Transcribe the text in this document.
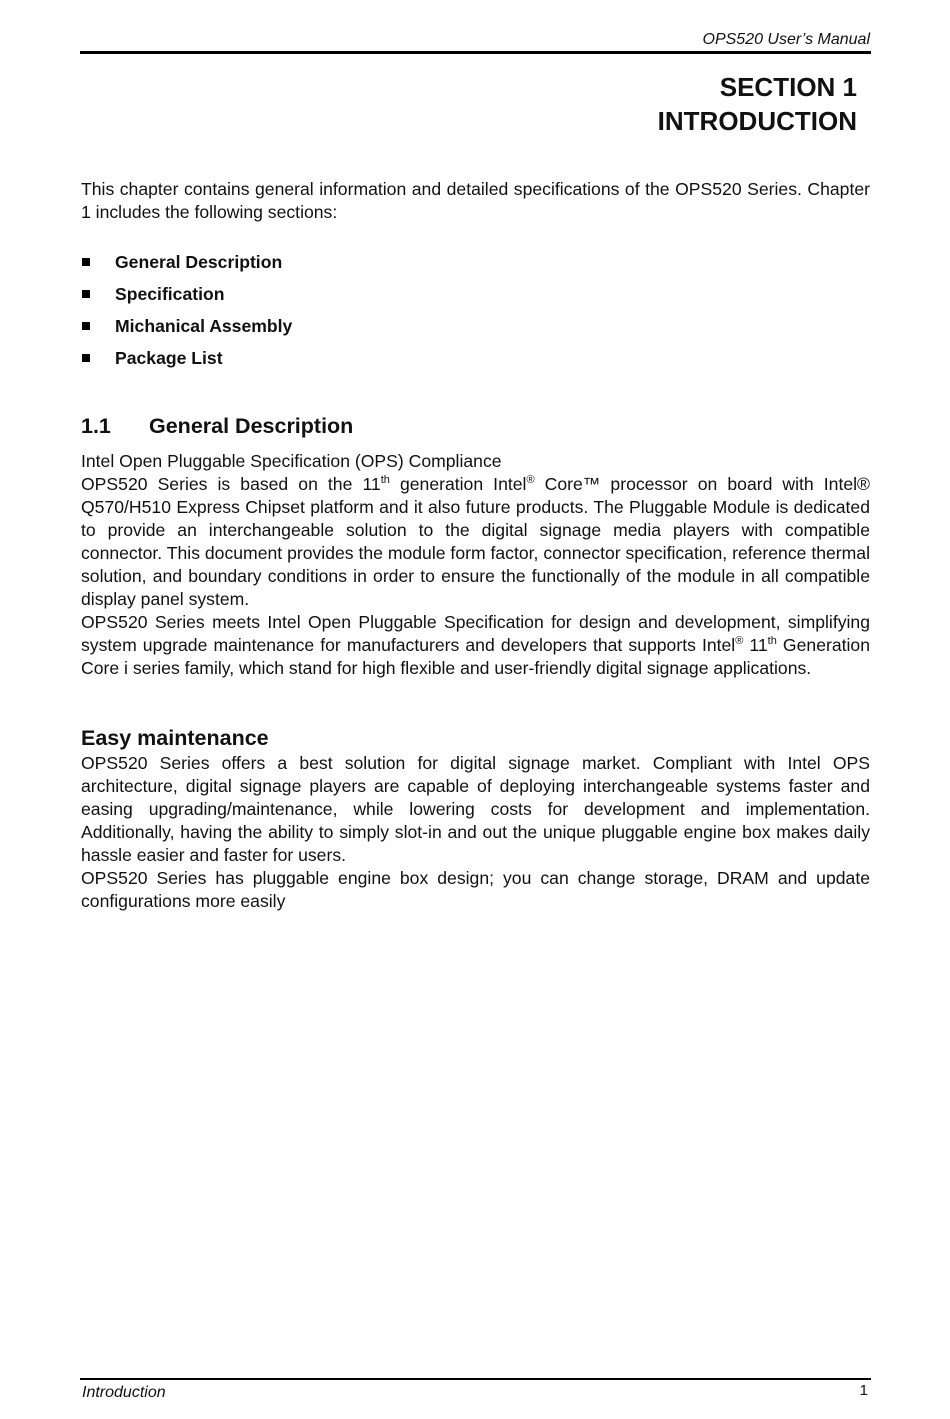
OPS520 User’s Manual
SECTION 1
INTRODUCTION

This chapter contains general information and detailed specifications of the OPS520 Series. Chapter 1 includes the following sections:

General Description
Specification
Michanical Assembly
Package List
1.1 General Description
Intel Open Pluggable Specification (OPS) Compliance

OPS520 Series is based on the 11th generation Intel® Core™ processor on board with Intel® Q570/H510 Express Chipset platform and it also future products. The Pluggable Module is dedicated to provide an interchangeable solution to the digital signage media players with compatible connector. This document provides the module form factor, connector specification, reference thermal solution, and boundary conditions in order to ensure the functionally of the module in all compatible display panel system.

OPS520 Series meets Intel Open Pluggable Specification for design and development, simplifying system upgrade maintenance for manufacturers and developers that supports Intel® 11th Generation Core i series family, which stand for high flexible and user-friendly digital signage applications.

Easy maintenance

OPS520 Series offers a best solution for digital signage market. Compliant with Intel OPS architecture, digital signage players are capable of deploying interchangeable systems faster and easing upgrading/maintenance, while lowering costs for development and implementation. Additionally, having the ability to simply slot-in and out the unique pluggable engine box makes daily hassle easier and faster for users.

OPS520 Series has pluggable engine box design; you can change storage, DRAM and update configurations more easily

Introduction	1
